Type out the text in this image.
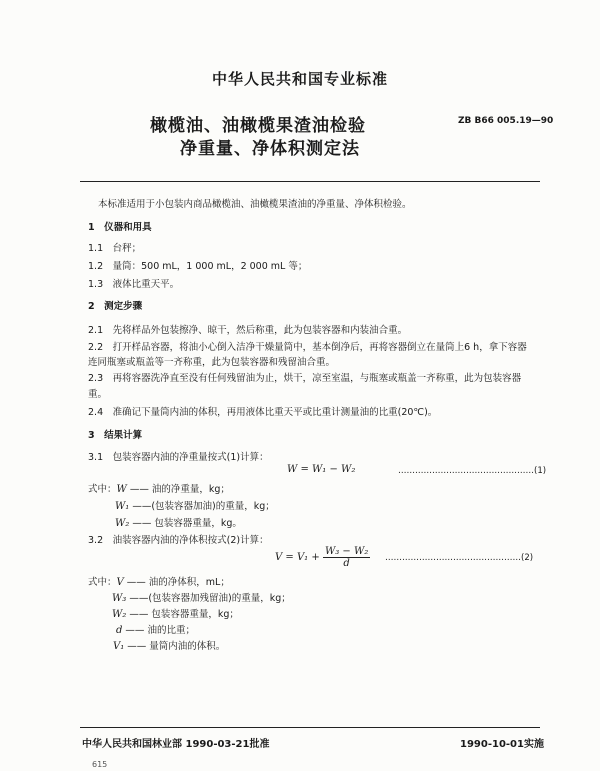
中华人民共和国专业标准
橄榄油、油橄榄果渣油检验
净重量、净体积测定法
ZB B66 005.19—90
本标准适用于小包装内商品橄榄油、油橄榄果渣油的净重量、净体积检验。
1　仪器和用具
1.1　台秤；
1.2　量筒：500 mL，1 000 mL，2 000 mL 等；
1.3　液体比重天平。
2　测定步骤
2.1　先将样品外包装擦净、晾干，然后称重，此为包装容器和内装油合重。
2.2　打开样品容器，将油小心倒入洁净干燥量筒中，基本倒净后，再将容器倒立在量筒上6 h，拿下容器
连同瓶塞或瓶盖等一齐称重，此为包装容器和残留油合重。
2.3　再将容器洗净直至没有任何残留油为止，烘干，凉至室温，与瓶塞或瓶盖一齐称重，此为包装容器
重。
2.4　准确记下量筒内油的体积，再用液体比重天平或比重计测量油的比重(20℃)。
3　结果计算
3.1　包装容器内油的净重量按式(1)计算：
W = W₁ − W₂	…………………………………………(1)
式中：W —— 油的净重量，kg；
W₁ ——(包装容器加油)的重量，kg；
W₂ —— 包装容器重量，kg。
3.2　油装容器内油的净体积按式(2)计算：
$V = V_1 + \frac{\text{W₃ − W₂}}{d}$ …………………………………………(2)
式中：V —— 油的净体积，mL；
W₃ ——(包装容器加残留油)的重量，kg；
W₂ —— 包装容器重量，kg；
d —— 油的比重；
V₁ —— 量筒内油的体积。
中华人民共和国林业部 1990-03-21批准	1990-10-01实施
615
